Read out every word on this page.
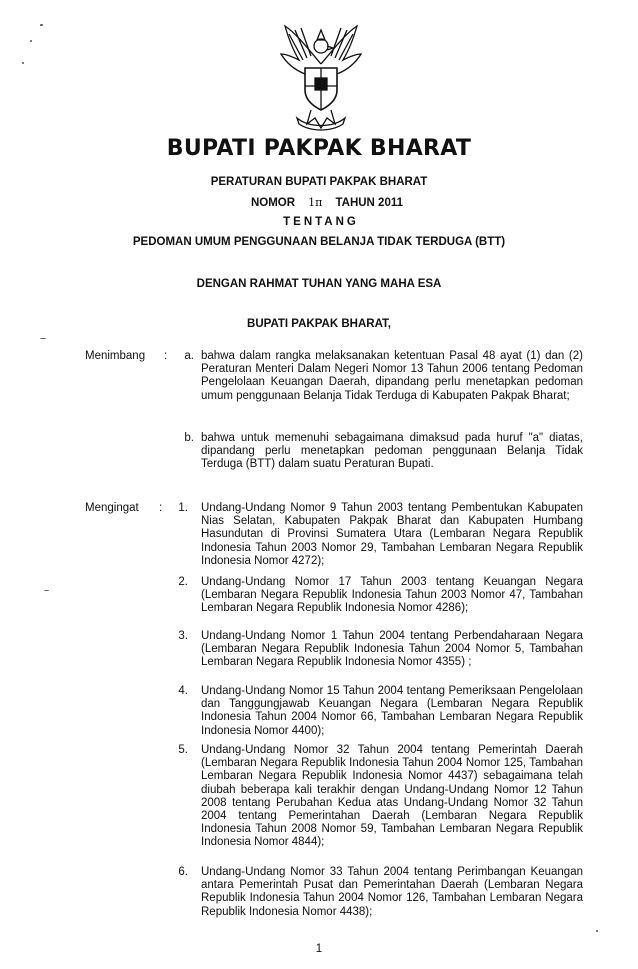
BUPATI PAKPAK BHARAT
PERATURAN BUPATI PAKPAK BHARAT
NOMOR 1π TAHUN 2011
TENTANG
PEDOMAN UMUM PENGGUNAAN BELANJA TIDAK TERDUGA (BTT)
DENGAN RAHMAT TUHAN YANG MAHA ESA
BUPATI PAKPAK BHARAT,
Menimbang :	a. bahwa dalam rangka melaksanakan ketentuan Pasal 48 ayat (1) dan (2) Peraturan Menteri Dalam Negeri Nomor 13 Tahun 2006 tentang Pedoman Pengelolaan Keuangan Daerah, dipandang perlu menetapkan pedoman umum penggunaan Belanja Tidak Terduga di Kabupaten Pakpak Bharat;
b. bahwa untuk memenuhi sebagaimana dimaksud pada huruf "a" diatas, dipandang perlu menetapkan pedoman penggunaan Belanja Tidak Terduga (BTT) dalam suatu Peraturan Bupati.
Mengingat :	1. Undang-Undang Nomor 9 Tahun 2003 tentang Pembentukan Kabupaten Nias Selatan, Kabupaten Pakpak Bharat dan Kabupaten Humbang Hasundutan di Provinsi Sumatera Utara (Lembaran Negara Republik Indonesia Tahun 2003 Nomor 29, Tambahan Lembaran Negara Republik Indonesia Nomor 4272);
2. Undang-Undang Nomor 17 Tahun 2003 tentang Keuangan Negara (Lembaran Negara Republik Indonesia Tahun 2003 Nomor 47, Tambahan Lembaran Negara Republik Indonesia Nomor 4286);
3. Undang-Undang Nomor 1 Tahun 2004 tentang Perbendaharaan Negara (Lembaran Negara Republik Indonesia Tahun 2004 Nomor 5, Tambahan Lembaran Negara Republik Indonesia Nomor 4355) ;
4. Undang-Undang Nomor 15 Tahun 2004 tentang Pemeriksaan Pengelolaan dan Tanggungjawab Keuangan Negara (Lembaran Negara Republik Indonesia Tahun 2004 Nomor 66, Tambahan Lembaran Negara Republik Indonesia Nomor 4400);
5. Undang-Undang Nomor 32 Tahun 2004 tentang Pemerintah Daerah (Lembaran Negara Republik Indonesia Tahun 2004 Nomor 125, Tambahan Lembaran Negara Republik Indonesia Nomor 4437) sebagaimana telah diubah beberapa kali terakhir dengan Undang-Undang Nomor 12 Tahun 2008 tentang Perubahan Kedua atas Undang-Undang Nomor 32 Tahun 2004 tentang Pemerintahan Daerah (Lembaran Negara Republik Indonesia Tahun 2008 Nomor 59, Tambahan Lembaran Negara Republik Indonesia Nomor 4844);
6. Undang-Undang Nomor 33 Tahun 2004 tentang Perimbangan Keuangan antara Pemerintah Pusat dan Pemerintahan Daerah (Lembaran Negara Republik Indonesia Tahun 2004 Nomor 126, Tambahan Lembaran Negara Republik Indonesia Nomor 4438);
1
